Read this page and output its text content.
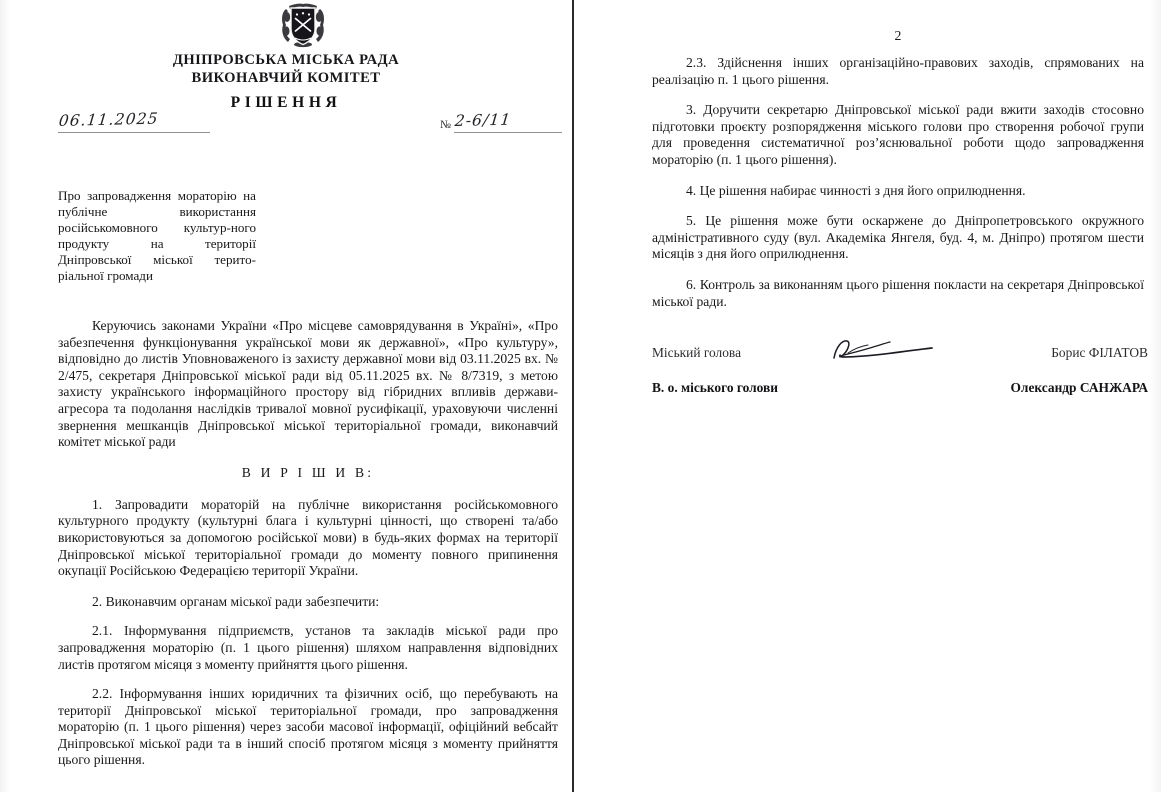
ДНІПРОВСЬКА МІСЬКА РАДА
ВИКОНАВЧИЙ КОМІТЕТ
РІШЕННЯ
06.11.2025	№ 2-6/11
Про запровадження мораторію на публічне використання російськомовного культур-ного продукту на території Дніпровської міської терито-ріальної громади

Керуючись законами України «Про місцеве самоврядування в Україні», «Про забезпечення функціонування української мови як державної», «Про культуру», відповідно до листів Уповноваженого із захисту державної мови від 03.11.2025 вх. № 2/475, секретаря Дніпровської міської ради від 05.11.2025 вх. № 8/7319, з метою захисту українського інформаційного простору від гібридних впливів держави-агресора та подолання наслідків тривалої мовної русифікації, ураховуючи численні звернення мешканців Дніпровської міської територіальної громади, виконавчий комітет міської ради

В И Р І Ш И В:

1. Запровадити мораторій на публічне використання російськомовного культурного продукту (культурні блага і культурні цінності, що створені та/або використовуються за допомогою російської мови) в будь-яких формах на території Дніпровської міської територіальної громади до моменту повного припинення окупації Російською Федерацією території України.

2. Виконавчим органам міської ради забезпечити:

2.1. Інформування підприємств, установ та закладів міської ради про запровадження мораторію (п. 1 цього рішення) шляхом направлення відповідних листів протягом місяця з моменту прийняття цього рішення.

2.2. Інформування інших юридичних та фізичних осіб, що перебувають на території Дніпровської міської територіальної громади, про запровадження мораторію (п. 1 цього рішення) через засоби масової інформації, офіційний вебсайт Дніпровської міської ради та в інший спосіб протягом місяця з моменту прийняття цього рішення.

2

2.3. Здійснення інших організаційно-правових заходів, спрямованих на реалізацію п. 1 цього рішення.

3. Доручити секретарю Дніпровської міської ради вжити заходів стосовно підготовки проєкту розпорядження міського голови про створення робочої групи для проведення систематичної роз’яснювальної роботи щодо запровадження мораторію (п. 1 цього рішення).

4. Це рішення набирає чинності з дня його оприлюднення.

5. Це рішення може бути оскаржене до Дніпропетровського окружного адміністративного суду (вул. Академіка Янгеля, буд. 4, м. Дніпро) протягом шести місяців з дня його оприлюднення.

6. Контроль за виконанням цього рішення покласти на секретаря Дніпровської міської ради.

Міський голова	Борис ФІЛАТОВ
В. о. міського голови	Олександр САНЖАРА
